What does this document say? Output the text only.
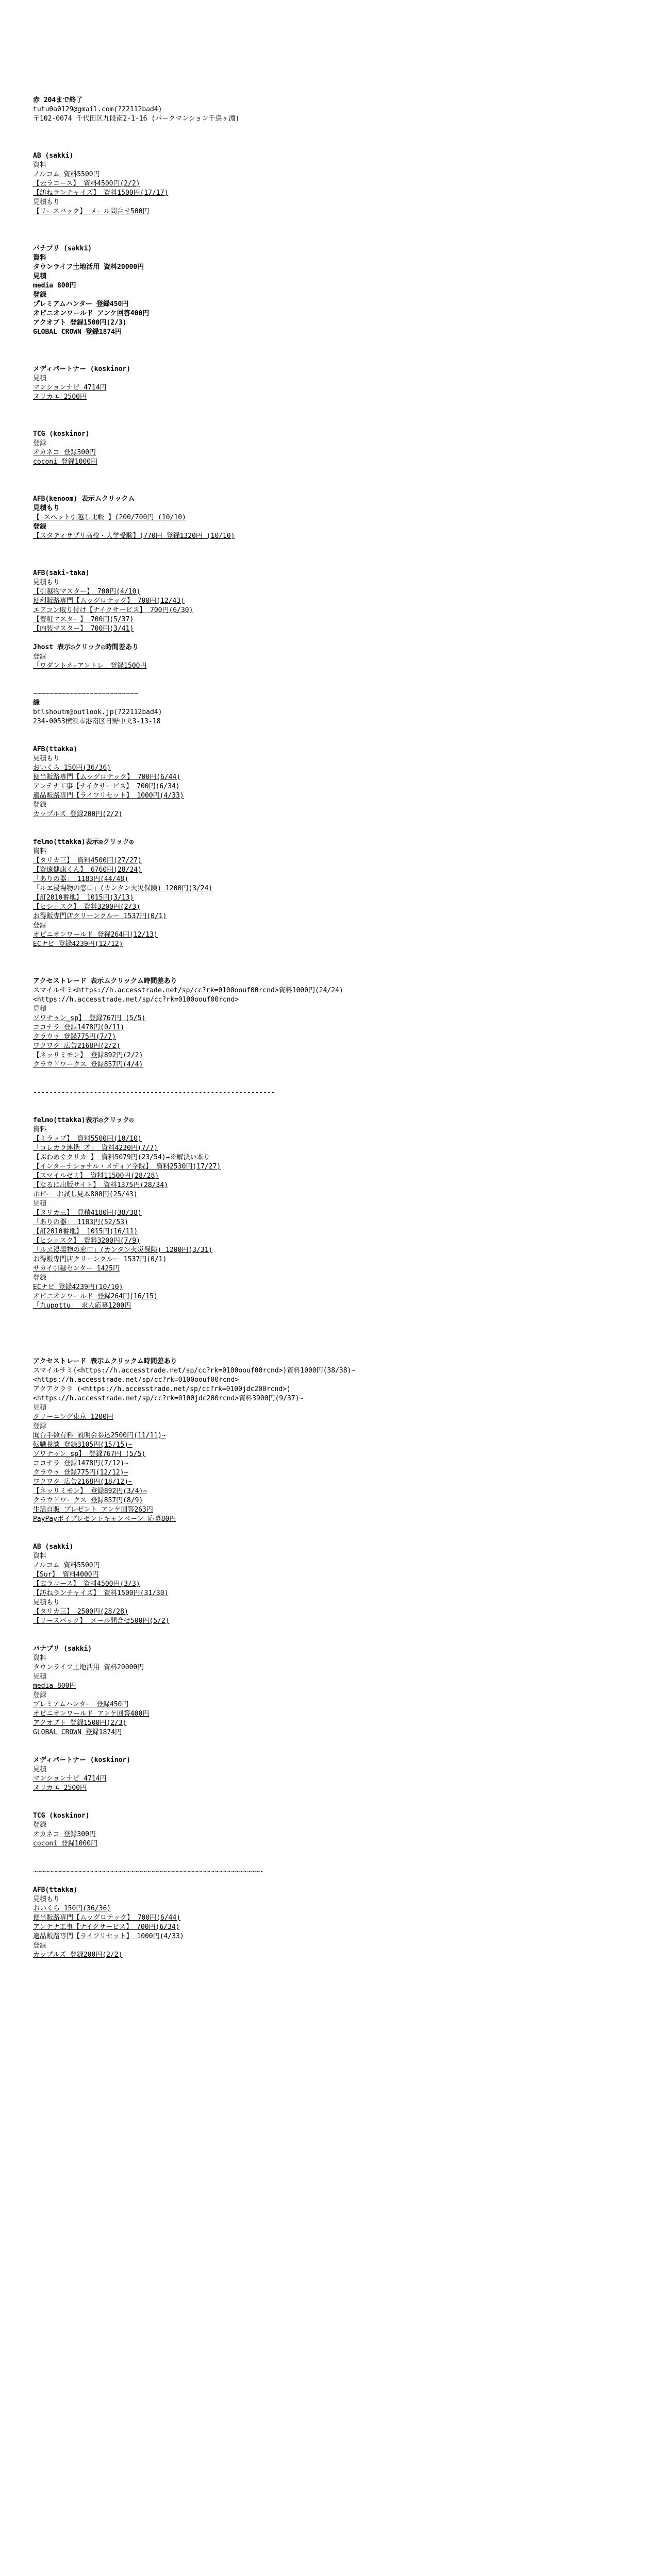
赤 204まで終了
tutu0a0129@gmail.com(?22112bad4)
〒102-0074 千代田区九段南2-1-16 (パークマンション千鳥ヶ淵)
AB (sakki)
資料
ノルコム 資料5500円
【去ラコース】 資料4500円(2/2)
【訪ねランチャイズ】 資料1500円(17/17)
見積もり
【リースバック】 メール問合せ500円
パナプリ (sakki)
資料
タウンライフ土地活用 資料20000円
見積
media 800円
登録
プレミアムハンター 登録450円
オピニオンワールド アンケ回答400円
アクオブト 登録1500円(2/3)
GLOBAL CROWN 登録1874円
メディパートナー (koskinor)
見積
マンションナビ 4714円
ヌリカエ 2500円
TCG (koskinor)
登録
オカネコ 登録300円
coconi 登録1000円
AFB(kenoom) 表示ムクリックム
見積もり
【 スペット引越し比較 】(200/700円 (10/10)
登録
【スタディサプリ高校・大学受験】(770円 登録1320円 (10/10)
AFB(saki-taka)
見積もり
【引越物マスター】 700円(4/10)
便利販路専門【ムッグロテック】 700円(12/43)
エアコン取り付け【ナイクサービス】 700円(6/30)
【着粧マスター】 700円(5/37)
【内装マスター】 700円(3/41)
Jhost 表示◎クリック◎時間差あり
登録
「ワダントネ☆アントレ」登録1500円
~~~~~~~~~~~~~~~~~~~~~~~~~~
緑
btlshoutm@outlook.jp(?22112bad4)
234-0053横浜市港南区日野中央3-13-18
AFB(ttakka)
見積もり
おいくら 150円(36/36)
便当販路専門【ムッグロテック】 700円(6/44)
アンテナ工事【ナイクサービス】 700円(6/34)
適品販路専門【ライフリセット】 1000円(4/33)
登録
カップルズ 登録200円(2/2)
felmo(ttakka)表示◎クリック◎
資料
【タリカ三】 資料4500円(27/27)
【資遠健康くん】 6760円(28/24)
「ありの器」 1183円(44/48)
「ルヱ浸場物の窓口」(カンタン火災保険) 1200円(3/24)
【訂2010番地】 1015円(3/13)
【ヒシュスク】 資料3200円(2/3)
お得販専門店クリーンクルー 1537円(0/1)
登録
オピニオンワールド 登録264円(12/13)
ECナビ 登録4239円(12/12)
アクセストレード 表示ムクリックム時間差あり
スマイルサミ<https://h.accesstrade.net/sp/cc?rk=0100oouf00rcnd>資料1000円(24/24)
<https://h.accesstrade.net/sp/cc?rk=0100oouf00rcnd>
見積
ソワナゥン_sp】 登録767円 (5/5)
ココナラ 登録1478円(0/11)
クラウゥ 登録775円(7/7)
ワクワク 広告2168円(2/2)
【ネッリミモン】 登録892円(2/2)
クラウドワークス 登録857円(4/4)
------------------------------------------------------------
felmo(ttakka)表示◎クリック◎
資料
【ミラップ】 資料5500円(10/10)
「コレカラ連携 才」 資料4230円(7/7)
【ぶわめぐクリカ 】 資料5079円(23/54)→※解決い本り
【インターナショナル・メディア学院】 資料2530円(17/27)
【スマイルゼミ】 資料11500円(28/28)
【なるに出版サイト】 資料1375円(28/34)
ポピー お試し見本800円(25/43)
見積
【タリカ三】 見積4180円(38/38)
「ありの器」 1183円(52/53)
【訂2010番地】 1015円(16/11)
【ヒシュスク】 資料3200円(7/9)
「ルヱ浸場物の窓口」(カンタン火災保険) 1200円(3/31)
お得販専門店クリーンクルー 1537円(0/1)
サカイ引越センター 1425円
登録
ECナビ 登録4239円(10/10)
オピニオンワールド 登録264円(16/15)
「九upottu」 求人応募1200円
アクセストレード 表示ムクリックム時間差あり
スマイルサミ(<https://h.accesstrade.net/sp/cc?rk=0100oouf00rcnd>)資料1000円(38/38)~
<https://h.accesstrade.net/sp/cc?rk=0100oouf00rcnd>
アクアクララ (<https://h.accesstrade.net/sp/cc?rk=0100jdc200rcnd>)
<https://h.accesstrade.net/sp/cc?rk=0100jdc200rcnd>資料3900円(9/37)~
見積
クリーニング東京 1200円
登録
聞台手数有料 説明会参込2500円(11/11)~
転職長談 登録3105円(15/15)~
ソワナゥン_sp】 登録767円 (5/5)
ココナラ 登録1478円(7/12)~
クラウゥ 登録775円(12/12)~
ワクワク 広告2168円(18/12)~
【ネッリミモン】 登録892円(3/4)~
クラウドワークス 登録857円(8/9)
生活自販 プレゼント アンケ回答263円
PayPayポイプレゼントキャンペーン 応募80円
AB (sakki)
資料
ノルコム 資料5500円
【Sur】 資料4000円
【去ラコース】 資料4500円(3/3)
【訪ねランチャイズ】 資料1500円(31/30)
見積もり
【タリカ三】 2500円(28/28)
【リースバック】 メール問合せ500円(5/2)
パナプリ (sakki)
資料
タウンライフ土地活用 資料20000円
見積
media 800円
登録
プレミアムハンター 登録450円
オピニオンワールド アンケ回答400円
アクオブト 登録1500円(2/3)
GLOBAL CROWN 登録1874円
メディパートナー (koskinor)
見積
マンションナビ 4714円
ヌリカエ 2500円
TCG (koskinor)
登録
オカネコ 登録300円
coconi 登録1000円
~~~~~~~~~~~~~~~~~~~~~~~~~~~~~~~~~~~~~~~~~~~~~~~~~~~~~~~~~
AFB(ttakka)
見積もり
おいくら 150円(36/36)
便当販路専門【ムッグロテック】 700円(6/44)
アンテナ工事【ナイクサービス】 700円(6/34)
適品販路専門【ライフリセット】 1000円(4/33)
登録
カップルズ 登録200円(2/2)
